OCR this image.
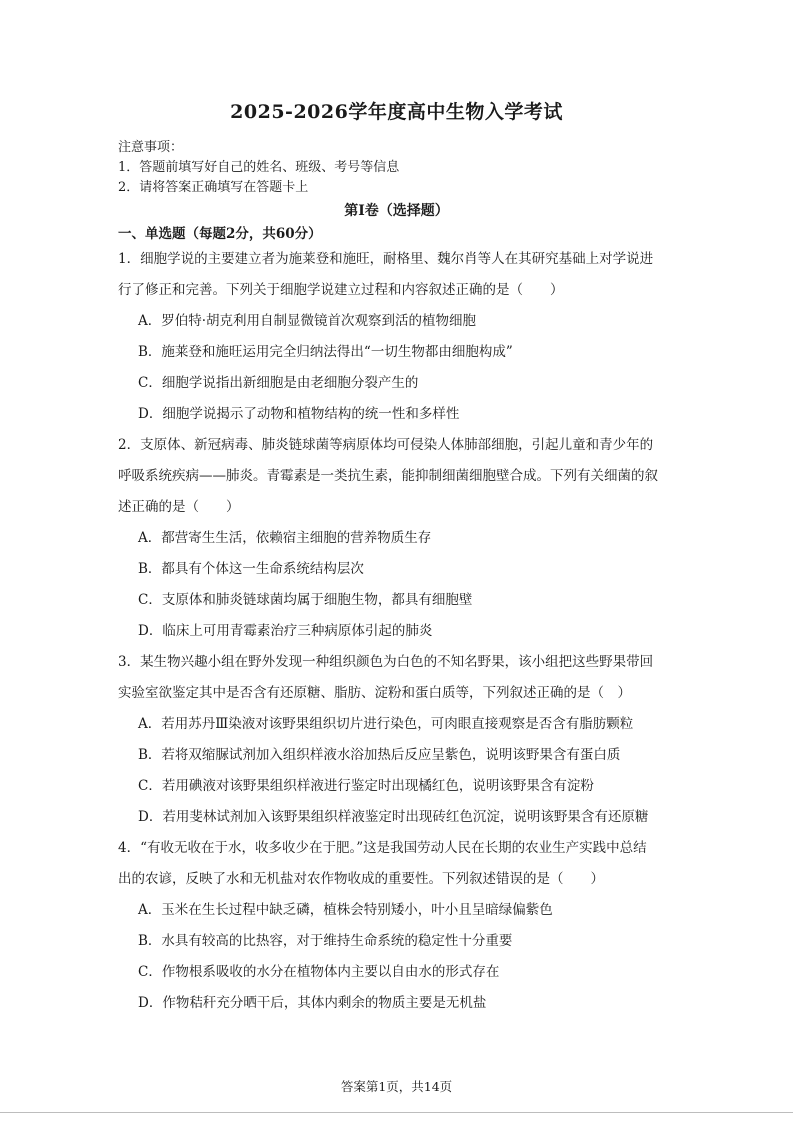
2025-2026学年度高中生物入学考试
注意事项：
1．答题前填写好自己的姓名、班级、考号等信息
2．请将答案正确填写在答题卡上
第Ⅰ卷（选择题）
一、单选题（每题2分，共60分）
1．细胞学说的主要建立者为施莱登和施旺，耐格里、魏尔肖等人在其研究基础上对学说进
行了修正和完善。下列关于细胞学说建立过程和内容叙述正确的是（　　）
A．罗伯特·胡克利用自制显微镜首次观察到活的植物细胞
B．施莱登和施旺运用完全归纳法得出“一切生物都由细胞构成”
C．细胞学说指出新细胞是由老细胞分裂产生的
D．细胞学说揭示了动物和植物结构的统一性和多样性
2．支原体、新冠病毒、肺炎链球菌等病原体均可侵染人体肺部细胞，引起儿童和青少年的
呼吸系统疾病——肺炎。青霉素是一类抗生素，能抑制细菌细胞壁合成。下列有关细菌的叙
述正确的是（　　）
A．都营寄生生活，依赖宿主细胞的营养物质生存
B．都具有个体这一生命系统结构层次
C．支原体和肺炎链球菌均属于细胞生物，都具有细胞壁
D．临床上可用青霉素治疗三种病原体引起的肺炎
3．某生物兴趣小组在野外发现一种组织颜色为白色的不知名野果，该小组把这些野果带回
实验室欲鉴定其中是否含有还原糖、脂肪、淀粉和蛋白质等，下列叙述正确的是（　）
A．若用苏丹Ⅲ染液对该野果组织切片进行染色，可肉眼直接观察是否含有脂肪颗粒
B．若将双缩脲试剂加入组织样液水浴加热后反应呈紫色，说明该野果含有蛋白质
C．若用碘液对该野果组织样液进行鉴定时出现橘红色，说明该野果含有淀粉
D．若用斐林试剂加入该野果组织样液鉴定时出现砖红色沉淀，说明该野果含有还原糖
4．“有收无收在于水，收多收少在于肥。”这是我国劳动人民在长期的农业生产实践中总结
出的农谚，反映了水和无机盐对农作物收成的重要性。下列叙述错误的是（　　）
A．玉米在生长过程中缺乏磷，植株会特别矮小，叶小且呈暗绿偏紫色
B．水具有较高的比热容，对于维持生命系统的稳定性十分重要
C．作物根系吸收的水分在植物体内主要以自由水的形式存在
D．作物秸秆充分晒干后，其体内剩余的物质主要是无机盐
答案第1页，共14页
